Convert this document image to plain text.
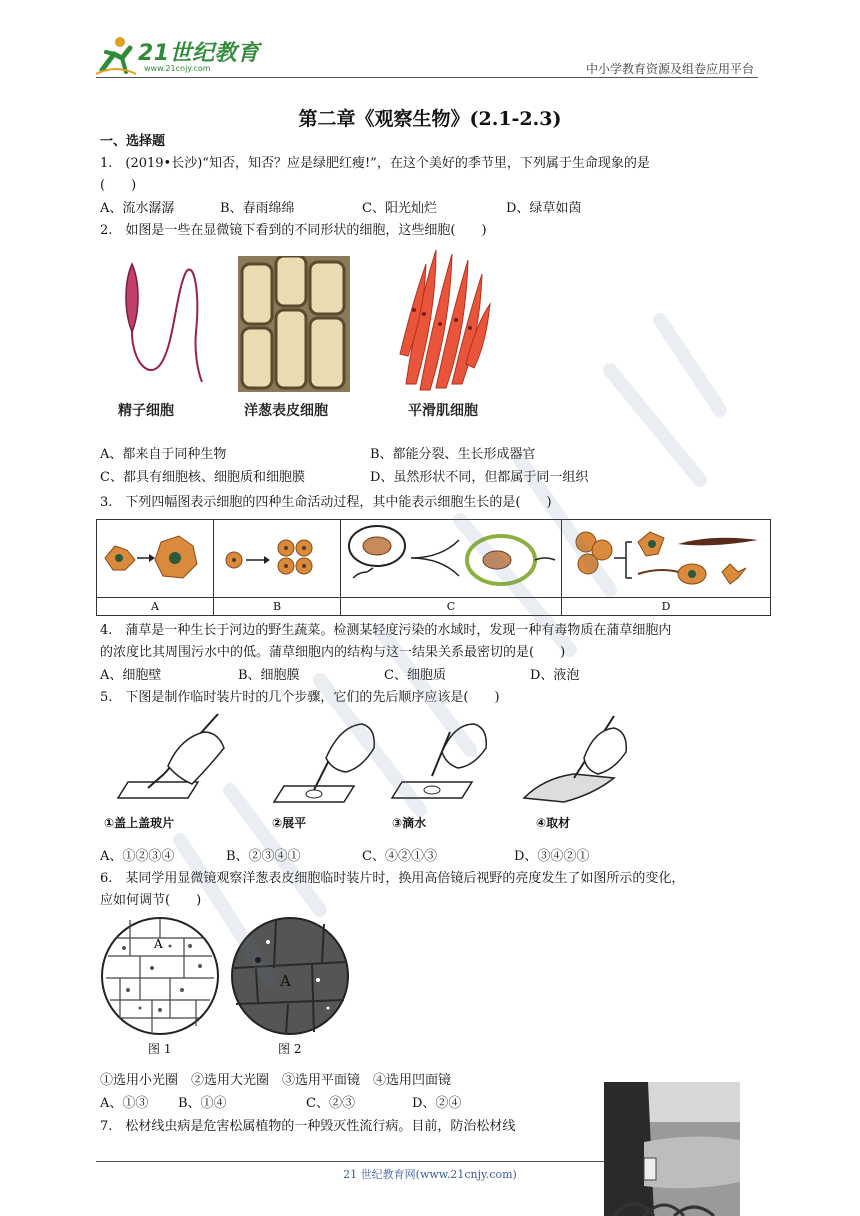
21世纪教育
www.21cnjy.com	中小学教育资源及组卷应用平台
第二章《观察生物》(2.1-2.3)
一、选择题
1.　(2019•长沙)“知否，知否？应是绿肥红瘦!”，在这个美好的季节里，下列属于生命现象的是
(　　)
A、流水潺潺	B、春雨绵绵	C、阳光灿烂	D、绿草如茵
2.　如图是一些在显微镜下看到的不同形状的细胞，这些细胞(　　)
精子细胞	洋葱表皮细胞	平滑肌细胞
A、都来自于同种生物	B、都能分裂、生长形成器官
C、都具有细胞核、细胞质和细胞膜	D、虽然形状不同，但都属于同一组织
3.　下列四幅图表示细胞的四种生命活动过程，其中能表示细胞生长的是(　　)

A	B	C	D
4.　蒲草是一种生长于河边的野生蔬菜。检测某轻度污染的水域时，发现一种有毒物质在蒲草细胞内
的浓度比其周围污水中的低。蒲草细胞内的结构与这一结果关系最密切的是(　　)
A、细胞壁	B、细胞膜	C、细胞质	D、液泡
5.　下图是制作临时装片时的几个步骤，它们的先后顺序应该是(　　)
①盖上盖玻片	②展平	③滴水	④取材
A、①②③④	B、②③④①	C、④②①③	D、③④②①
6.　某同学用显微镜观察洋葱表皮细胞临时装片时，换用高倍镜后视野的亮度发生了如图所示的变化，
应如何调节(　　)
A
图 1
A
图 2
①选用小光圈　②选用大光圈　③选用平面镜　④选用凹面镜
A、①③ B、①④	C、②③	D、②④
7.　松材线虫病是危害松属植物的一种毁灭性流行病。目前，防治松材线
21 世纪教育网(www.21cnjy.com)
